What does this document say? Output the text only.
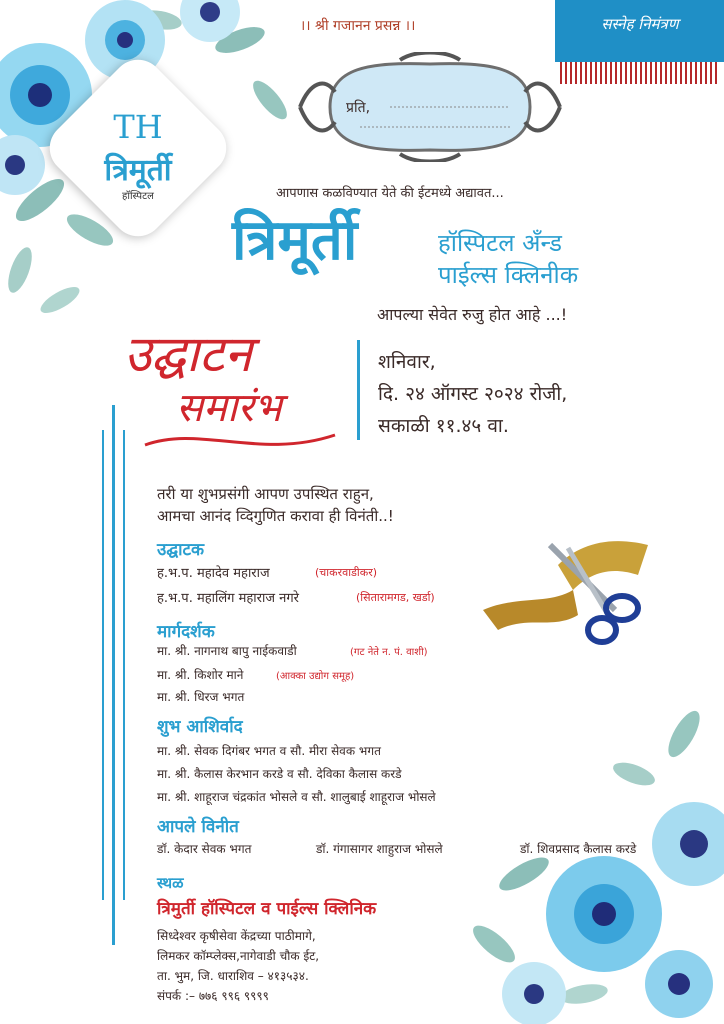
।। श्री गजानन प्रसन्न ।।	सस्नेह निमंत्रण
प्रति,
TH
त्रिमूर्ती
हॉस्पिटल	आपणास कळविण्यात येते की ईटमध्ये अद्यावत...
त्रिमूर्ती	हॉस्पिटल अँन्ड
पाईल्स क्लिनीक
आपल्या सेवेत रुजु होत आहे ...!
उद्घाटन
समारंभ
शनिवार,
दि. २४ ऑगस्ट २०२४ रोजी,
सकाळी ११.४५ वा.
तरी या शुभप्रसंगी आपण उपस्थित राहुन,
आमचा आनंद व्दिगुणित करावा ही विनंती..!
उद्घाटक
ह.भ.प. महादेव महाराज	(चाकरवाडीकर)
ह.भ.प. महालिंग महाराज नगरे	(सितारामगड, खर्डा)
मार्गदर्शक
मा. श्री. नागनाथ बापु नाईकवाडी	(गट नेते न. पं. वाशी)
मा. श्री. किशोर माने	(आक्का उद्योग समूह)
मा. श्री. धिरज भगत
शुभ आशिर्वाद
मा. श्री. सेवक दिगंबर भगत व सौ. मीरा सेवक भगत
मा. श्री. कैलास केरभान करडे व सौ. देविका कैलास करडे
मा. श्री. शाहूराज चंद्रकांत भोसले व सौ. शालुबाई शाहूराज भोसले
आपले विनीत
डॉ. केदार सेवक भगत	डॉ. गंगासागर शाहुराज भोसले	डॉ. शिवप्रसाद कैलास करडे
स्थळ
त्रिमुर्ती हॉस्पिटल व पाईल्स क्लिनिक
सिध्देश्वर कृषीसेवा केंद्रच्या पाठीमागे,
लिमकर कॉम्प्लेक्स,नागेवाडी चौक ईट,
ता. भुम, जि. धाराशिव – ४१३५३४.
संपर्क :– ७७६ ९९६ ९९९९
